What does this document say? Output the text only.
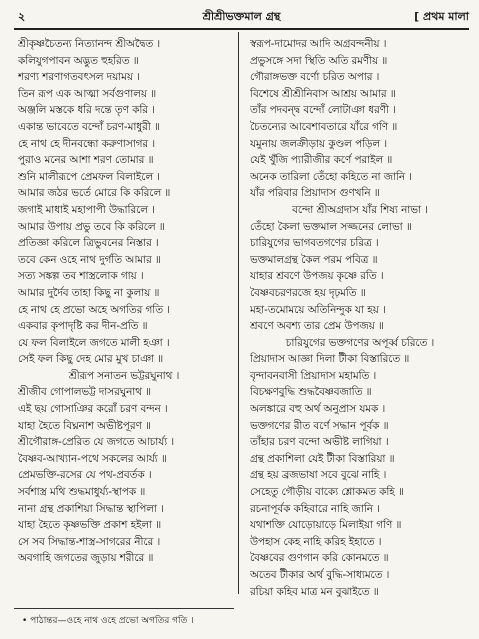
২	শ্রীশ্রীভক্তমাল গ্রন্থ	[ প্রথম মালা
শ্রীকৃষ্ণচৈতন্য নিত্যানন্দ শ্রীঅদ্বৈত ।
কলিযুগপাবন অদ্ভুত হুহরিত ॥
শরণ্য শরণাগতবৎসল দয়াময় ।
তিন রূপ এক আত্মা সর্বগুণালয় ॥
অঞ্জলি মস্তকে ধরি দন্তে তৃণ করি ।
একান্ত ভাবেতে বন্দোঁ চরণ-মাধুরী ॥
হে নাথ হে দীনবন্ধো করুণাসাগর ।
পুরাও মনের আশা শরণ তোমার ॥
শুনি মালীরূপে প্রেমফল বিলাইলে ।
আমার জঠর ভর্তে মোরে কি করিলে ॥
জগাই মাধাই মহাপাপী উদ্ধারিলে ।
আমার উপায় প্রভু তবে কি করিলে ॥
প্রতিজ্ঞা করিলে ত্রিভুবনের নিস্তার ।
তবে কেন ওহে নাথ দুর্গতি আমার ॥
সত্য সঙ্কল্প তব শাস্ত্রলোক গায় ।
আমার দুর্দৈব তাহা কিছু না কুলায় ॥
হে নাথ হে প্রভো অহে অগতির গতি ।
একবার কৃপাদৃষ্টি কর দীন-প্রতি ॥
যে ফল বিলাইলে জগতে মালী হঞা ।
সেই ফল কিছু দেহ মোর মুখ চাঞা ॥
শ্রীরূপ সনাতন ভট্টরঘুনাথ ।
শ্রীজীব গোপালভট্ট দাসরঘুনাথ ॥
এই ছয় গোসাঞির করোঁ চরণ বন্দন ।
যাহা হৈতে বিঘ্ননাশ অভীষ্টপূরণ ॥
শ্রীগৌরাঙ্গ-প্রেরিত যে জগতে আচার্য্য ।
বৈষ্ণব-আখ্যান-পথে সকলের আর্য্য ॥
প্রেমভক্তি-রসের যে পথ-প্রবর্তক ।
সর্বশাস্ত্র মথি শুদ্ধমাধুর্য্য-স্থাপক ॥
নানা গ্রন্থ প্রকাশিয়া সিদ্ধান্ত স্থাপিলা ।
যাহা হৈতে কৃষ্ণভক্তি প্রকাশ হইলা ॥
সে সব সিদ্ধান্ত-শাস্ত্র-সাগরের নীরে ।
অবগাহি জগতের জুড়ায় শরীরে ॥
স্বরূপ-দামোদর আদি অগ্রবন্দনীয় ।
প্রভুসঙ্গে সদা স্থিতি অতি রমণীয় ॥
গৌরাঙ্গভক্ত বর্ণো চরিত অপার ।
বিশেষে শ্রীশ্রীনিবাস আশ্রয় আমার ॥
তাঁর পদবন্দ্ব বন্দোঁ লোটাঞা ধরণী ।
চৈতন্যের আবেশাবতারে যাঁরে গণি ॥
যমুনায় জলক্রীড়ায় কুণ্ডল পড়িল ।
যেই খুঁজি প্যারীজীর কর্ণে পরাইল ॥
অনেক তারিলা তেঁহো কহিতে না জানি ।
যাঁর পরিবার প্রিয়াদাস গুণখনি ॥
বন্দো শ্রীঅগ্রদাস যাঁর শিষ্য নাভা ।
তেঁহো কৈলা ভক্তমাল সজ্জনের লোভা ॥
চারিযুগের ভাগবতগণের চরিত্র ।
ভক্তমালগ্রন্থ কৈল পরম পবিত্র ॥
যাহার শ্রবণে উপজয় কৃষ্ণে রতি ।
বৈষ্ণবচরণরজে হয় দৃঢ়মতি ॥
মহা-তমোময়ে অতিনিন্দুক যা হয় ।
শ্রবণে অবশ্য তার প্রেম উপজয় ॥
চারিযুগের ভক্তগণের অপূর্ব্ব চরিতে ।
প্রিয়াদাস আজ্ঞা দিলা টীকা বিস্তারিতে ॥
বৃন্দাবনবাসী প্রিয়াদাস মহামতি ।
বিচক্ষণবুদ্ধি শুদ্ধবৈষ্ণবজাতি ॥
অলঙ্কারে বহু অর্থ অনুপ্রাস যমক ।
ভক্তগণের রীত বর্ণে সদ্ধান পূর্বক ॥
তাঁহার চরণ বন্দো অভীষ্ট লাগিয়া ।
গ্রন্থ প্রকাশিলা যেই টীকা বিস্তারিয়া ॥
গ্রন্থ হয় ব্রজভাষা সবে বুঝে নাহি ।
সেহেতু গৌড়ীয় বাক্যে শ্লোকমত কহি ॥
রচনাপূর্বক কহিবারে নাহি জানি ।
যথাশক্তি যোড়োয়াড়ে মিলাইয়া গণি ॥
উপহাস কেহ নাহি করিহ ইহাতে ।
বৈষ্ণবের গুণগান করি কোনমতে ॥
অতেব টীকার অর্থ বুদ্ধি-সাধ্যমতে ।
রচিয়া কহিব মাত্র মন বুঝাইতে ॥
• পাঠান্তর—ওহে নাথ ওহে প্রভো অগতির গতি ।
